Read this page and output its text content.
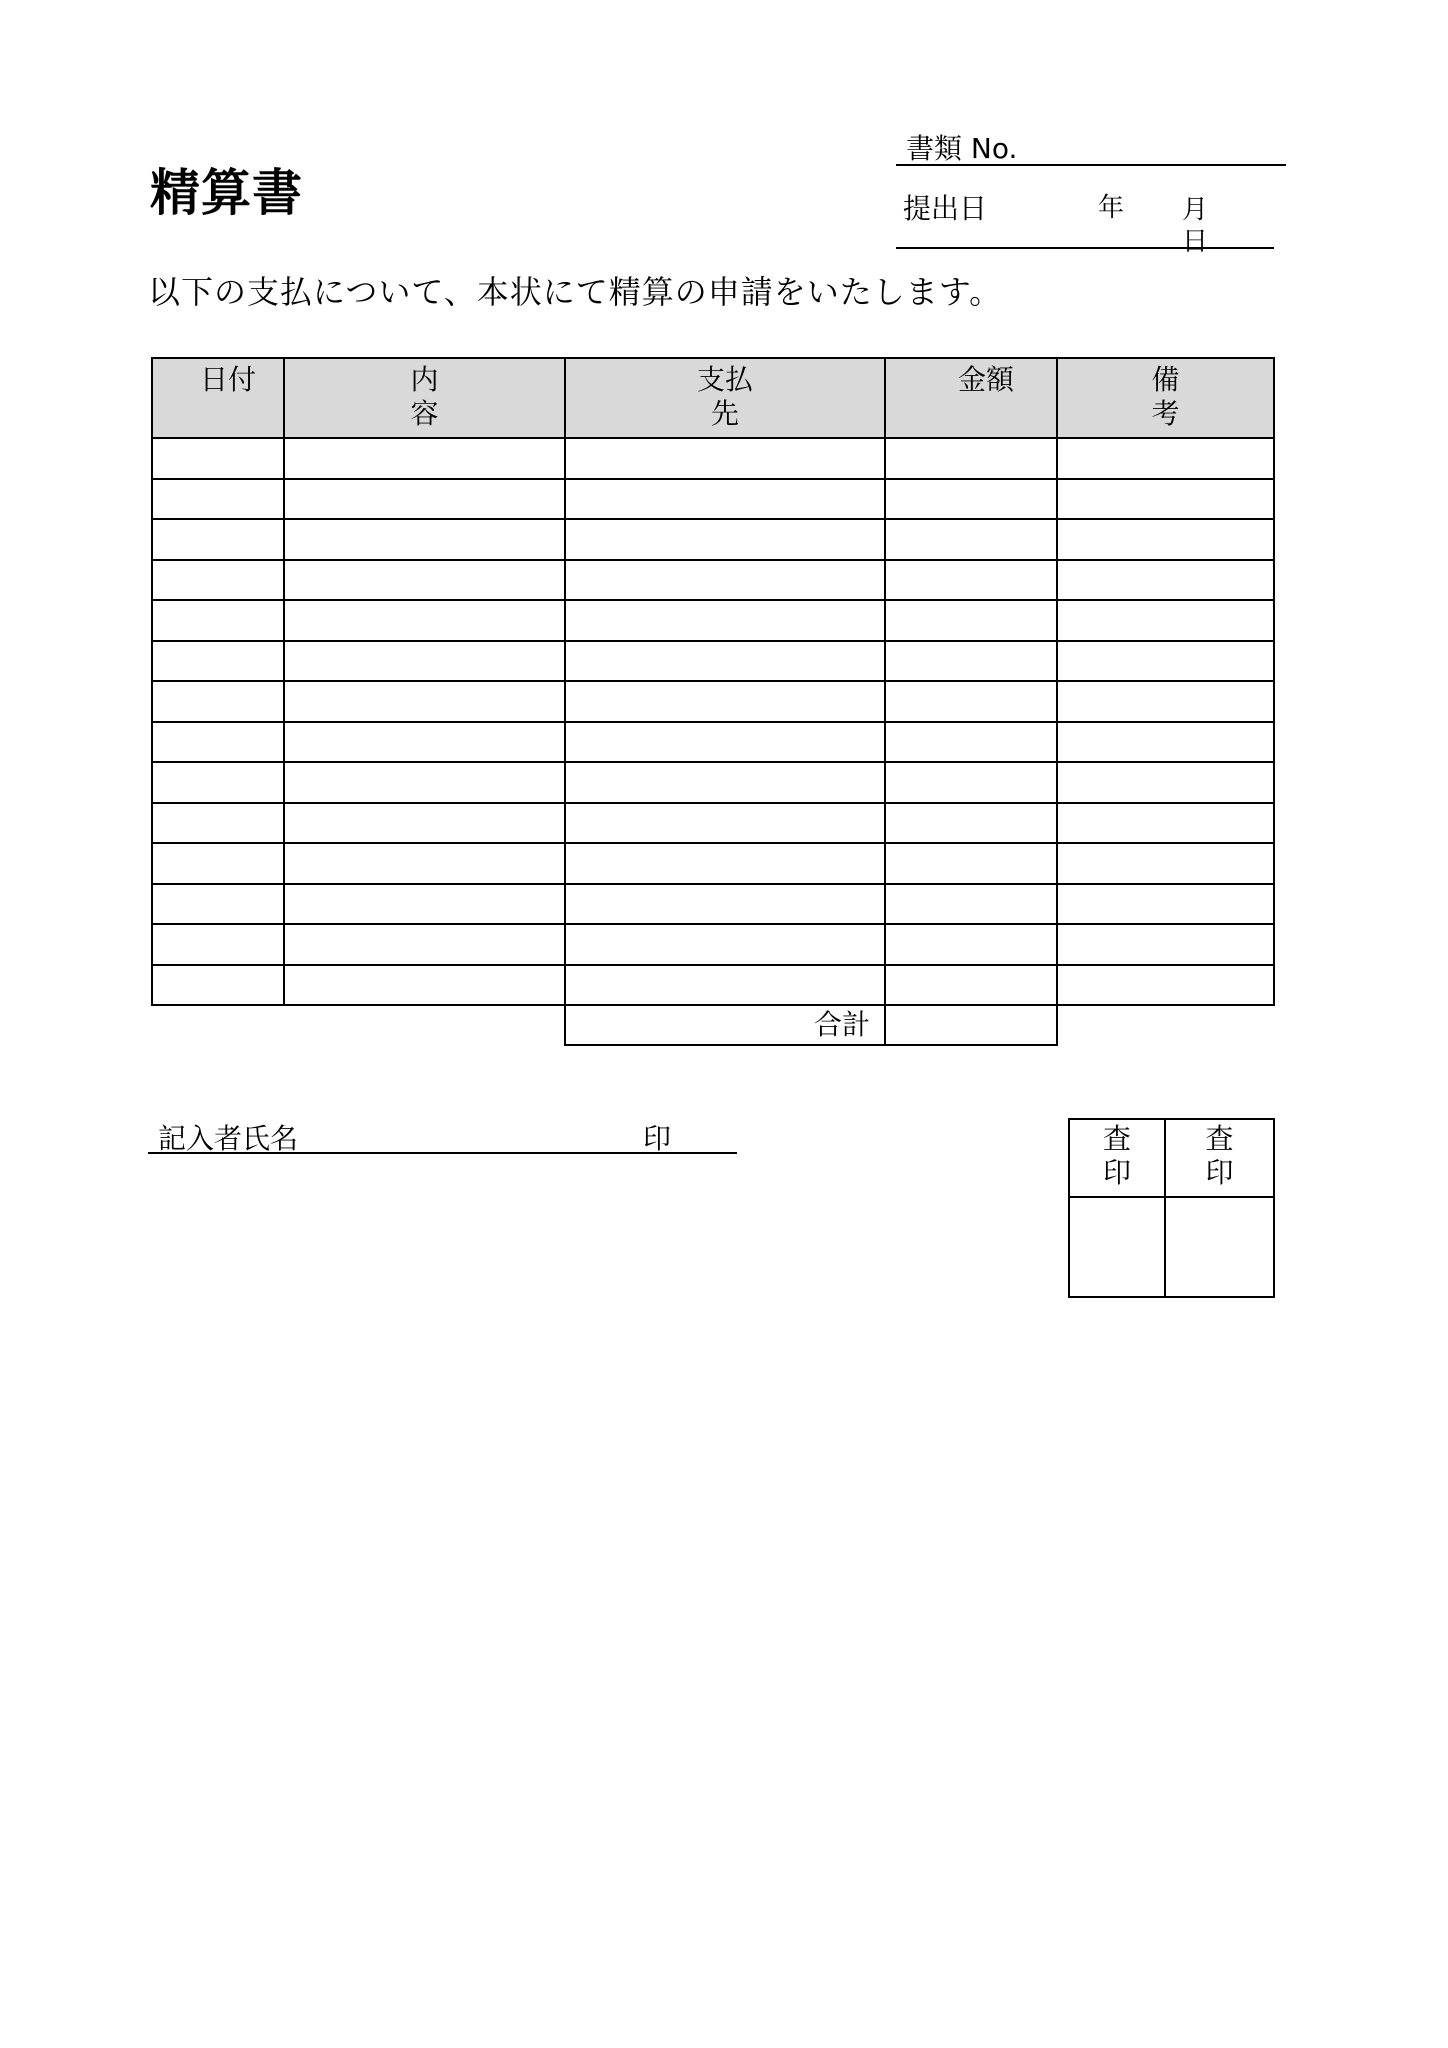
精算書
書類 No.
提出日	年 月日
以下の支払について、本状にて精算の申請をいたします。
日付	内容	支払先	金額	備考

		合計		
記入者氏名	印	査印	査印
